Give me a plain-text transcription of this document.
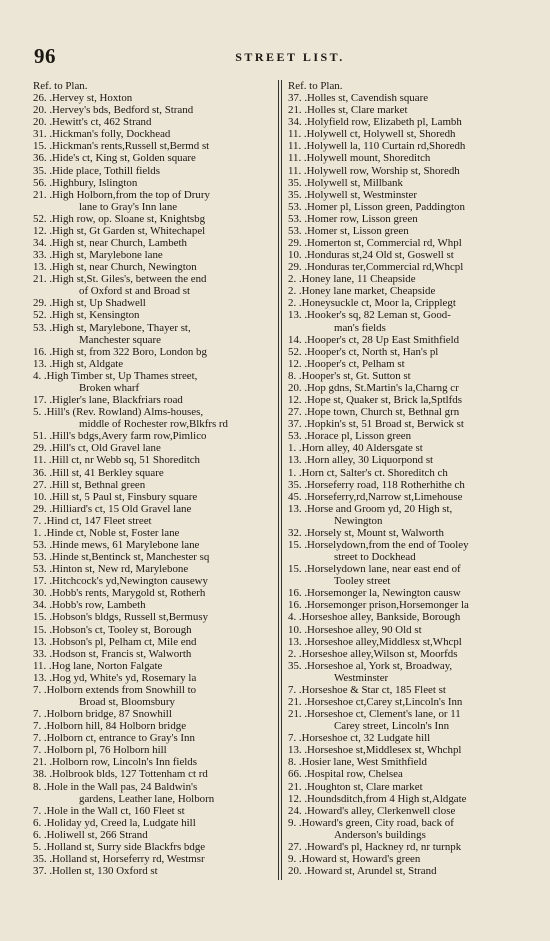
96	STREET LIST.
Ref. to Plan.
26. .Hervey st, Hoxton
20. .Hervey's bds, Bedford st, Strand
20. .Hewitt's ct, 462 Strand
31. .Hickman's folly, Dockhead
15. .Hickman's rents,Russell st,Bermd st
36. .Hide's ct, King st, Golden square
35. .Hide place, Tothill fields
56. .Highbury, Islington
21. .High Holborn,from the top of Drury
lane to Gray's Inn lane
52. .High row, op. Sloane st, Knightsbg
12. .High st, Gt Garden st, Whitechapel
34. .High st, near Church, Lambeth
33. .High st, Marylebone lane
13. .High st, near Church, Newington
21. .High st,St. Giles's, between the end
of Oxford st and Broad st
29. .High st, Up Shadwell
52. .High st, Kensington
53. .High st, Marylebone, Thayer st,
Manchester square
16. .High st, from 322 Boro, London bg
13. .High st, Aldgate
4. .High Timber st, Up Thames street,
Broken wharf
17. .Higler's lane, Blackfriars road
5. .Hill's (Rev. Rowland) Alms-houses,
middle of Rochester row,Blkfrs rd
51. .Hill's bdgs,Avery farm row,Pimlico
29. .Hill's ct, Old Gravel lane
11. .Hill ct, nr Webb sq, 51 Shoreditch
36. .Hill st, 41 Berkley square
27. .Hill st, Bethnal green
10. .Hill st, 5 Paul st, Finsbury square
29. .Hilliard's ct, 15 Old Gravel lane
7. .Hind ct, 147 Fleet street
1. .Hinde ct, Noble st, Foster lane
53. .Hinde mews, 61 Marylebone lane
53. .Hinde st,Bentinck st, Manchester sq
53. .Hinton st, New rd, Marylebone
17. .Hitchcock's yd,Newington causewy
30. .Hobb's rents, Marygold st, Rotherh
34. .Hobb's row, Lambeth
15. .Hobson's bldgs, Russell st,Bermusy
15. .Hobson's ct, Tooley st, Borough
13. .Hobson's pl, Pelham ct, Mile end
33. .Hodson st, Francis st, Walworth
11. .Hog lane, Norton Falgate
13. .Hog yd, White's yd, Rosemary la
7. .Holborn extends from Snowhill to
Broad st, Bloomsbury
7. .Holborn bridge, 87 Snowhill
7. .Holborn hill, 84 Holborn bridge
7. .Holborn ct, entrance to Gray's Inn
7. .Holborn pl, 76 Holborn hill
21. .Holborn row, Lincoln's Inn fields
38. .Holbrook blds, 127 Tottenham ct rd
8. .Hole in the Wall pas, 24 Baldwin's
gardens, Leather lane, Holborn
7. .Hole in the Wall ct, 160 Fleet st
6. .Holiday yd, Creed la, Ludgate hill
6. .Holiwell st, 266 Strand
5. .Holland st, Surry side Blackfrs bdge
35. .Holland st, Horseferry rd, Westmsr
37. .Hollen st, 130 Oxford st
Ref. to Plan.
37. .Holles st, Cavendish square
21. .Holles st, Clare market
34. .Holyfield row, Elizabeth pl, Lambh
11. .Holywell ct, Holywell st, Shoredh
11. .Holywell la, 110 Curtain rd,Shoredh
11. .Holywell mount, Shoreditch
11. .Holywell row, Worship st, Shoredh
35. .Holywell st, Millbank
35. .Holywell st, Westminster
53. .Homer pl, Lisson green, Paddington
53. .Homer row, Lisson green
53. .Homer st, Lisson green
29. .Homerton st, Commercial rd, Whpl
10. .Honduras st,24 Old st, Goswell st
29. .Honduras ter,Commercial rd,Whcpl
2. .Honey lane, 11 Cheapside
2. .Honey lane market, Cheapside
2. .Honeysuckle ct, Moor la, Cripplegt
13. .Hooker's sq, 82 Leman st, Good-
man's fields
14. .Hooper's ct, 28 Up East Smithfield
52. .Hooper's ct, North st, Han's pl
12. .Hooper's ct, Pelham st
8. .Hooper's st, Gt. Sutton st
20. .Hop gdns, St.Martin's la,Charng cr
12. .Hope st, Quaker st, Brick la,Sptlfds
27. .Hope town, Church st, Bethnal grn
37. .Hopkin's st, 51 Broad st, Berwick st
53. .Horace pl, Lisson green
1. .Horn alley, 40 Aldersgate st
13. .Horn alley, 30 Liquorpond st
1. .Horn ct, Salter's ct. Shoreditch ch
35. .Horseferry road, 118 Rotherhithe ch
45. .Horseferry,rd,Narrow st,Limehouse
13. .Horse and Groom yd, 20 High st,
Newington
32. .Horsely st, Mount st, Walworth
15. .Horselydown,from the end of Tooley
street to Dockhead
15. .Horselydown lane, near east end of
Tooley street
16. .Horsemonger la, Newington causw
16. .Horsemonger prison,Horsemonger la
4. .Horseshoe alley, Bankside, Borough
10. .Horseshoe alley, 90 Old st
13. .Horseshoe alley,Middlesx st,Whcpl
2. .Horseshoe alley,Wilson st, Moorfds
35. .Horseshoe al, York st, Broadway,
Westminster
7. .Horseshoe & Star ct, 185 Fleet st
21. .Horseshoe ct,Carey st,Lincoln's Inn
21. .Horseshoe ct, Clement's lane, or 11
Carey street, Lincoln's Inn
7. .Horseshoe ct, 32 Ludgate hill
13. .Horseshoe st,Middlesex st, Whchpl
8. .Hosier lane, West Smithfield
66. .Hospital row, Chelsea
21. .Houghton st, Clare market
12. .Houndsditch,from 4 High st,Aldgate
24. .Howard's alley, Clerkenwell close
9. .Howard's green, City road, back of
Anderson's buildings
27. .Howard's pl, Hackney rd, nr turnpk
9. .Howard st, Howard's green
20. .Howard st, Arundel st, Strand
